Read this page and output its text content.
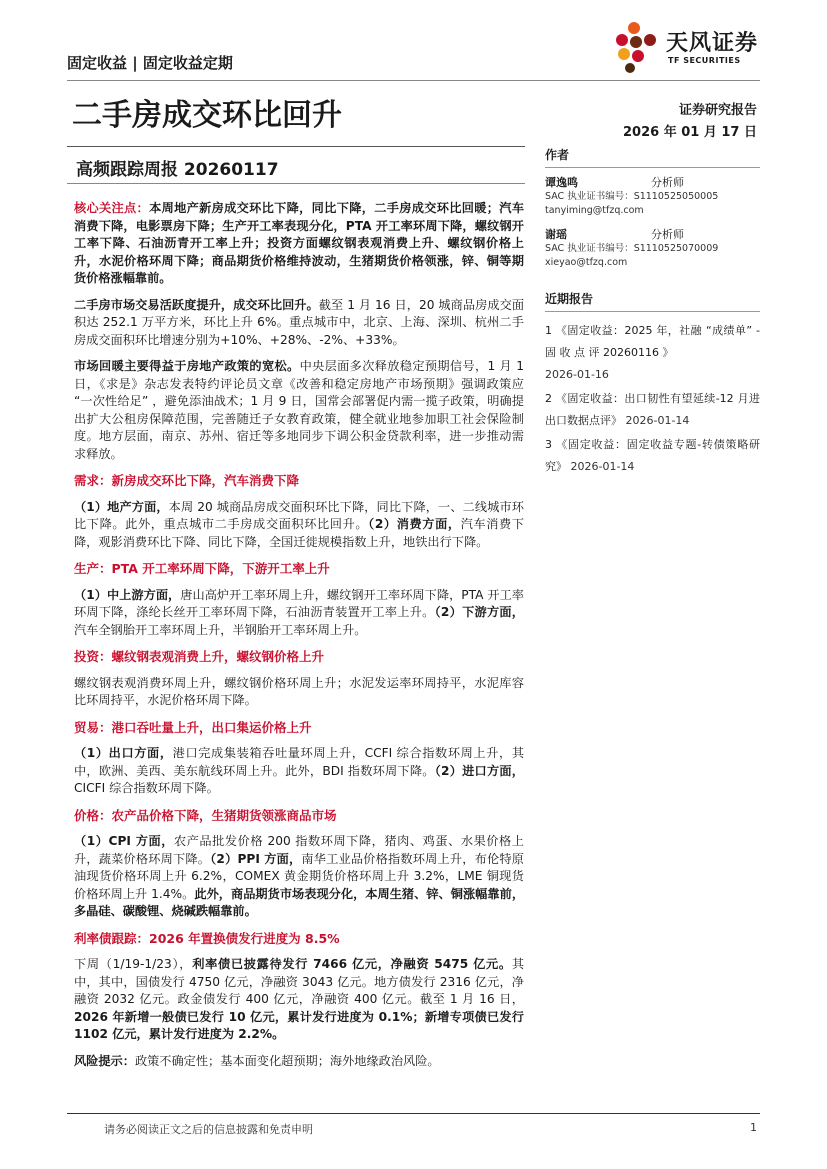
固定收益 | 固定收益定期
天风证券
TF SECURITIES
二手房成交环比回升	证券研究报告
2026 年 01 月 17 日
高频跟踪周报 20260117

核心关注点：本周地产新房成交环比下降，同比下降，二手房成交环比回暖；汽车消费下降，电影票房下降；生产开工率表现分化，PTA 开工率环周下降，螺纹钢开工率下降、石油沥青开工率上升；投资方面螺纹钢表观消费上升、螺纹钢价格上升，水泥价格环周下降；商品期货价格维持波动，生猪期货价格领涨，锌、铜等期货价格涨幅靠前。

二手房市场交易活跃度提升，成交环比回升。截至 1 月 16 日，20 城商品房成交面积达 252.1 万平方米，环比上升 6%。重点城市中，北京、上海、深圳、杭州二手房成交面积环比增速分别为+10%、+28%、-2%、+33%。

市场回暖主要得益于房地产政策的宽松。中央层面多次释放稳定预期信号，1 月 1 日，《求是》杂志发表特约评论员文章《改善和稳定房地产市场预期》强调政策应 “一次性给足” ，避免添油战术；1 月 9 日，国常会部署促内需一揽子政策，明确提出扩大公租房保障范围，完善随迁子女教育政策，健全就业地参加职工社会保险制度。地方层面，南京、苏州、宿迁等多地同步下调公积金贷款利率，进一步推动需求释放。

需求：新房成交环比下降，汽车消费下降

（1）地产方面，本周 20 城商品房成交面积环比下降，同比下降，一、二线城市环比下降。此外，重点城市二手房成交面积环比回升。（2）消费方面，汽车消费下降，观影消费环比下降、同比下降，全国迁徙规模指数上升，地铁出行下降。

生产：PTA 开工率环周下降，下游开工率上升

（1）中上游方面，唐山高炉开工率环周上升，螺纹钢开工率环周下降，PTA 开工率环周下降，涤纶长丝开工率环周下降，石油沥青装置开工率上升。（2）下游方面，汽车全钢胎开工率环周上升，半钢胎开工率环周上升。

投资：螺纹钢表观消费上升，螺纹钢价格上升

螺纹钢表观消费环周上升，螺纹钢价格环周上升；水泥发运率环周持平，水泥库容比环周持平，水泥价格环周下降。

贸易：港口吞吐量上升，出口集运价格上升

（1）出口方面，港口完成集装箱吞吐量环周上升，CCFI 综合指数环周上升，其中，欧洲、美西、美东航线环周上升。此外，BDI 指数环周下降。（2）进口方面，CICFI 综合指数环周下降。

价格：农产品价格下降，生猪期货领涨商品市场

（1）CPI 方面，农产品批发价格 200 指数环周下降，猪肉、鸡蛋、水果价格上升，蔬菜价格环周下降。（2）PPI 方面，南华工业品价格指数环周上升，布伦特原油现货价格环周上升 6.2%，COMEX 黄金期货价格环周上升 3.2%，LME 铜现货价格环周上升 1.4%。此外，商品期货市场表现分化，本周生猪、锌、铜涨幅靠前，多晶硅、碳酸锂、烧碱跌幅靠前。

利率债跟踪：2026 年置换债发行进度为 8.5%

下周（1/19-1/23），利率债已披露待发行 7466 亿元，净融资 5475 亿元。其中，其中，国债发行 4750 亿元，净融资 3043 亿元。地方债发行 2316 亿元，净融资 2032 亿元。政金债发行 400 亿元，净融资 400 亿元。截至 1 月 16 日，2026 年新增一般债已发行 10 亿元，累计发行进度为 0.1%；新增专项债已发行 1102 亿元，累计发行进度为 2.2%。

风险提示：政策不确定性；基本面变化超预期；海外地缘政治风险。

作者
谭逸鸣	分析师
SAC 执业证书编号：S1110525050005
tanyiming@tfzq.com
谢瑶	分析师
SAC 执业证书编号：S1110525070009
xieyao@tfzq.com
近期报告
1 《固定收益：2025 年，社融 “成绩单” - 固 收 点 评 20260116 》
2026-01-16
2 《固定收益：出口韧性有望延续-12 月进出口数据点评》 2026-01-14
3 《固定收益：固定收益专题-转债策略研究》 2026-01-14
请务必阅读正文之后的信息披露和免责申明	1
